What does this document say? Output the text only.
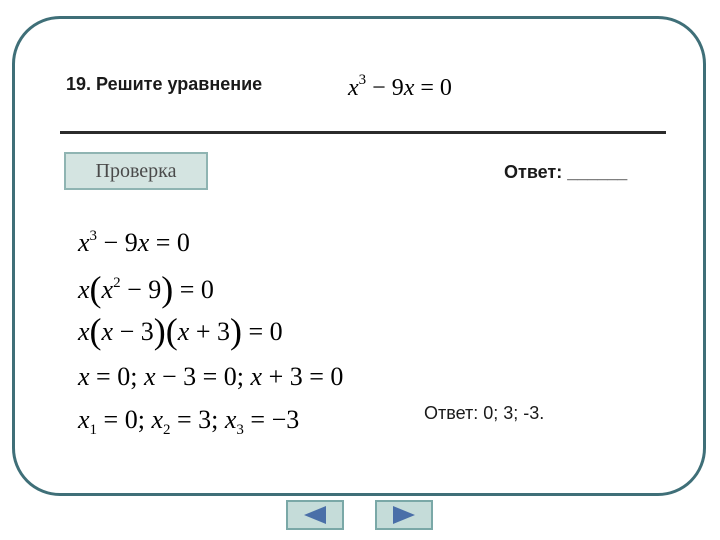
19. Решите уравнение	$x^3 - 9x = 0$
Проверка	Ответ: ______
$x^3 - 9x = 0$
$x(x^2 - 9) = 0$
x(x − 3)(x + 3) = 0
x = 0; x − 3 = 0; x + 3 = 0
$x_1 = 0$; $x_2 = 3$; $x_3 = -3$	Ответ: 0; 3; -3.
